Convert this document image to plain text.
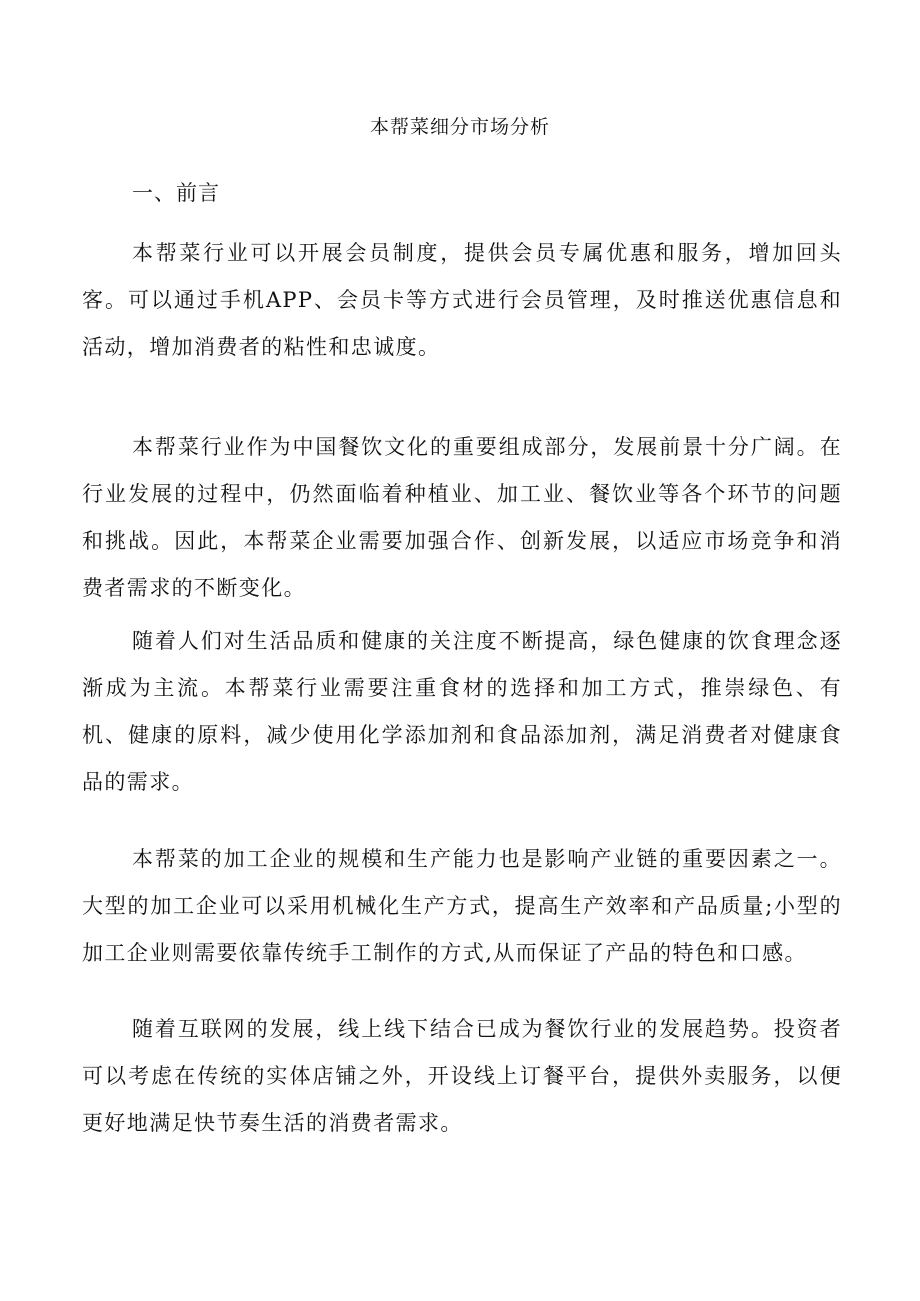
本帮菜细分市场分析
一、前言

本帮菜行业可以开展会员制度，提供会员专属优惠和服务，增加回头客。可以通过手机APP、会员卡等方式进行会员管理，及时推送优惠信息和活动，增加消费者的粘性和忠诚度。

本帮菜行业作为中国餐饮文化的重要组成部分，发展前景十分广阔。在行业发展的过程中，仍然面临着种植业、加工业、餐饮业等各个环节的问题和挑战。因此，本帮菜企业需要加强合作、创新发展，以适应市场竞争和消费者需求的不断变化。

随着人们对生活品质和健康的关注度不断提高，绿色健康的饮食理念逐渐成为主流。本帮菜行业需要注重食材的选择和加工方式，推崇绿色、有机、健康的原料，减少使用化学添加剂和食品添加剂，满足消费者对健康食品的需求。

本帮菜的加工企业的规模和生产能力也是影响产业链的重要因素之一。大型的加工企业可以采用机械化生产方式，提高生产效率和产品质量;小型的加工企业则需要依靠传统手工制作的方式,从而保证了产品的特色和口感。

随着互联网的发展，线上线下结合已成为餐饮行业的发展趋势。投资者可以考虑在传统的实体店铺之外，开设线上订餐平台，提供外卖服务，以便更好地满足快节奏生活的消费者需求。
